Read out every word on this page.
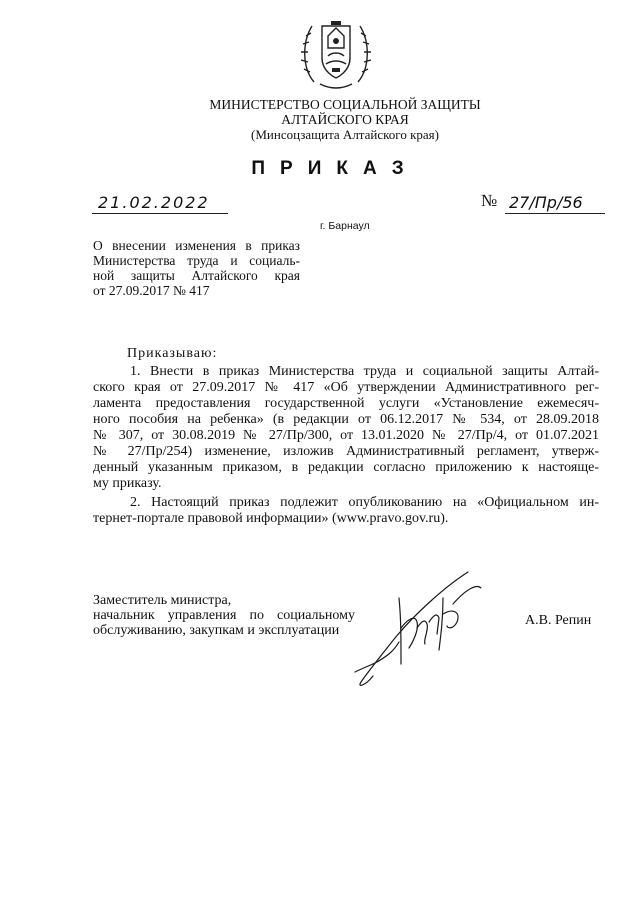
МИНИСТЕРСТВО СОЦИАЛЬНОЙ ЗАЩИТЫ
АЛТАЙСКОГО КРАЯ
(Минсоцзащита Алтайского края)
ПРИКАЗ
21.02.2022	№ 27/Пр/56
г. Барнаул
О внесении изменения в приказ
Министерства труда и социаль-
ной защиты Алтайского края
от 27.09.2017 № 417
Приказываю:
1. Внести в приказ Министерства труда и социальной защиты Алтай-
ского края от 27.09.2017 № 417 «Об утверждении Административного рег-
ламента предоставления государственной услуги «Установление ежемесяч-
ного пособия на ребенка» (в редакции от 06.12.2017 № 534, от 28.09.2018
№ 307, от 30.08.2019 № 27/Пр/300, от 13.01.2020 № 27/Пр/4, от 01.07.2021
№ 27/Пр/254) изменение, изложив Административный регламент, утверж-
денный указанным приказом, в редакции согласно приложению к настояще-
му приказу.
2. Настоящий приказ подлежит опубликованию на «Официальном ин-
тернет-портале правовой информации» (www.pravo.gov.ru).
Заместитель министра,
начальник управления по социальному
обслуживанию, закупкам и эксплуатации
А.В. Репин
